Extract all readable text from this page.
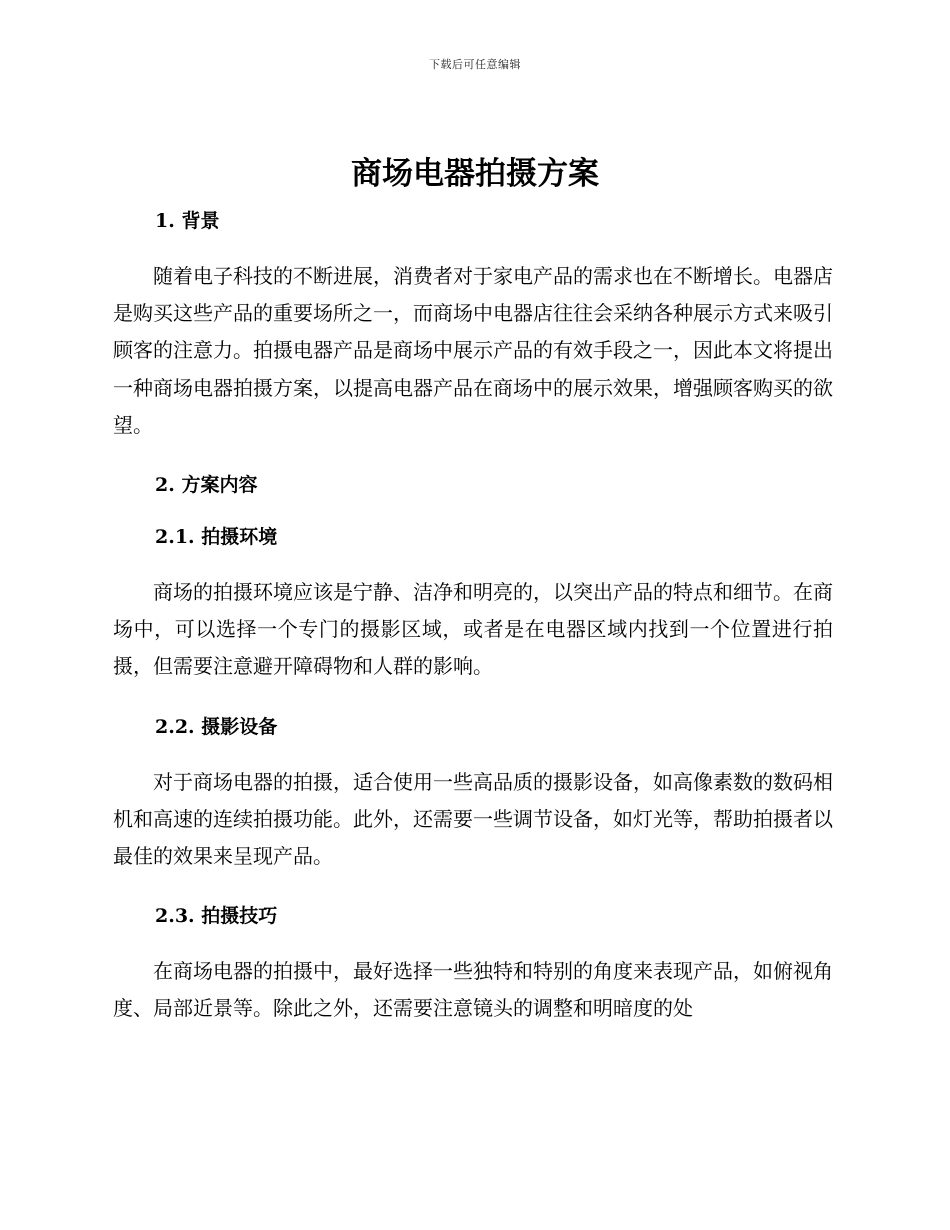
下载后可任意编辑
商场电器拍摄方案
1. 背景

随着电子科技的不断进展，消费者对于家电产品的需求也在不断增长。电器店是购买这些产品的重要场所之一，而商场中电器店往往会采纳各种展示方式来吸引顾客的注意力。拍摄电器产品是商场中展示产品的有效手段之一，因此本文将提出一种商场电器拍摄方案，以提高电器产品在商场中的展示效果，增强顾客购买的欲望。

2. 方案内容
2.1. 拍摄环境

商场的拍摄环境应该是宁静、洁净和明亮的，以突出产品的特点和细节。在商场中，可以选择一个专门的摄影区域，或者是在电器区域内找到一个位置进行拍摄，但需要注意避开障碍物和人群的影响。

2.2. 摄影设备

对于商场电器的拍摄，适合使用一些高品质的摄影设备，如高像素数的数码相机和高速的连续拍摄功能。此外，还需要一些调节设备，如灯光等，帮助拍摄者以最佳的效果来呈现产品。

2.3. 拍摄技巧

在商场电器的拍摄中，最好选择一些独特和特别的角度来表现产品，如俯视角度、局部近景等。除此之外，还需要注意镜头的调整和明暗度的处
